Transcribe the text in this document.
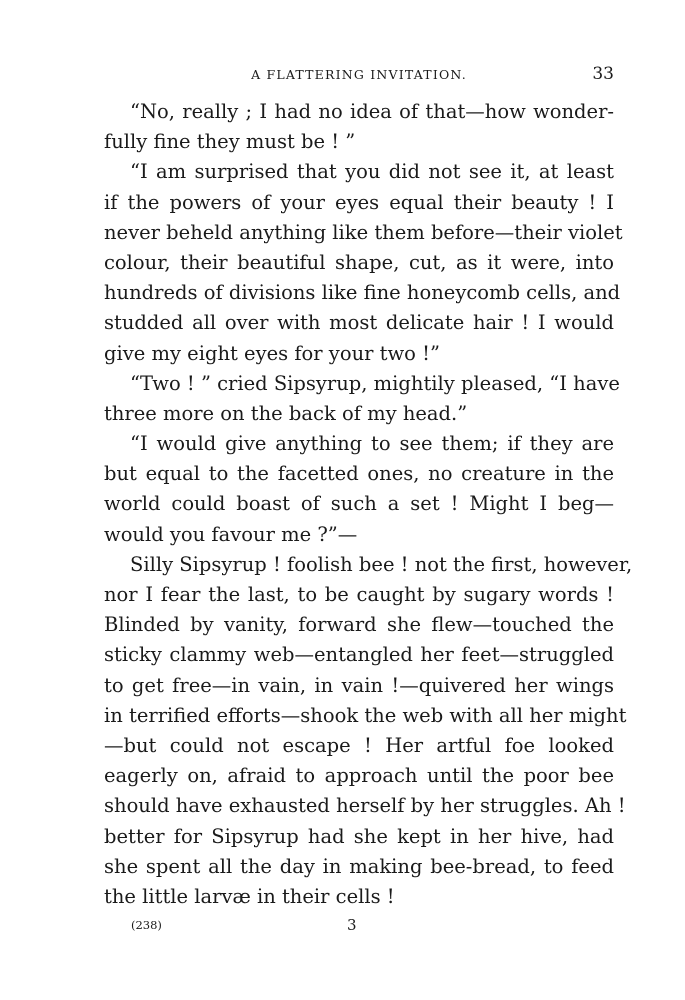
A FLATTERING INVITATION.	33
“No, really ; I had no idea of that—how wonder-
fully fine they must be ! ”
“I am surprised that you did not see it, at least
if the powers of your eyes equal their beauty ! I
never beheld anything like them before—their violet
colour, their beautiful shape, cut, as it were, into
hundreds of divisions like fine honeycomb cells, and
studded all over with most delicate hair ! I would
give my eight eyes for your two !”
“Two ! ” cried Sipsyrup, mightily pleased, “I have
three more on the back of my head.”
“I would give anything to see them; if they are
but equal to the facetted ones, no creature in the
world could boast of such a set ! Might I beg—
would you favour me ?”—
Silly Sipsyrup ! foolish bee ! not the first, however,
nor I fear the last, to be caught by sugary words !
Blinded by vanity, forward she flew—touched the
sticky clammy web—entangled her feet—struggled
to get free—in vain, in vain !—quivered her wings
in terrified efforts—shook the web with all her might
—but could not escape ! Her artful foe looked
eagerly on, afraid to approach until the poor bee
should have exhausted herself by her struggles. Ah !
better for Sipsyrup had she kept in her hive, had
she spent all the day in making bee-bread, to feed
the little larvæ in their cells !
(238)	3
